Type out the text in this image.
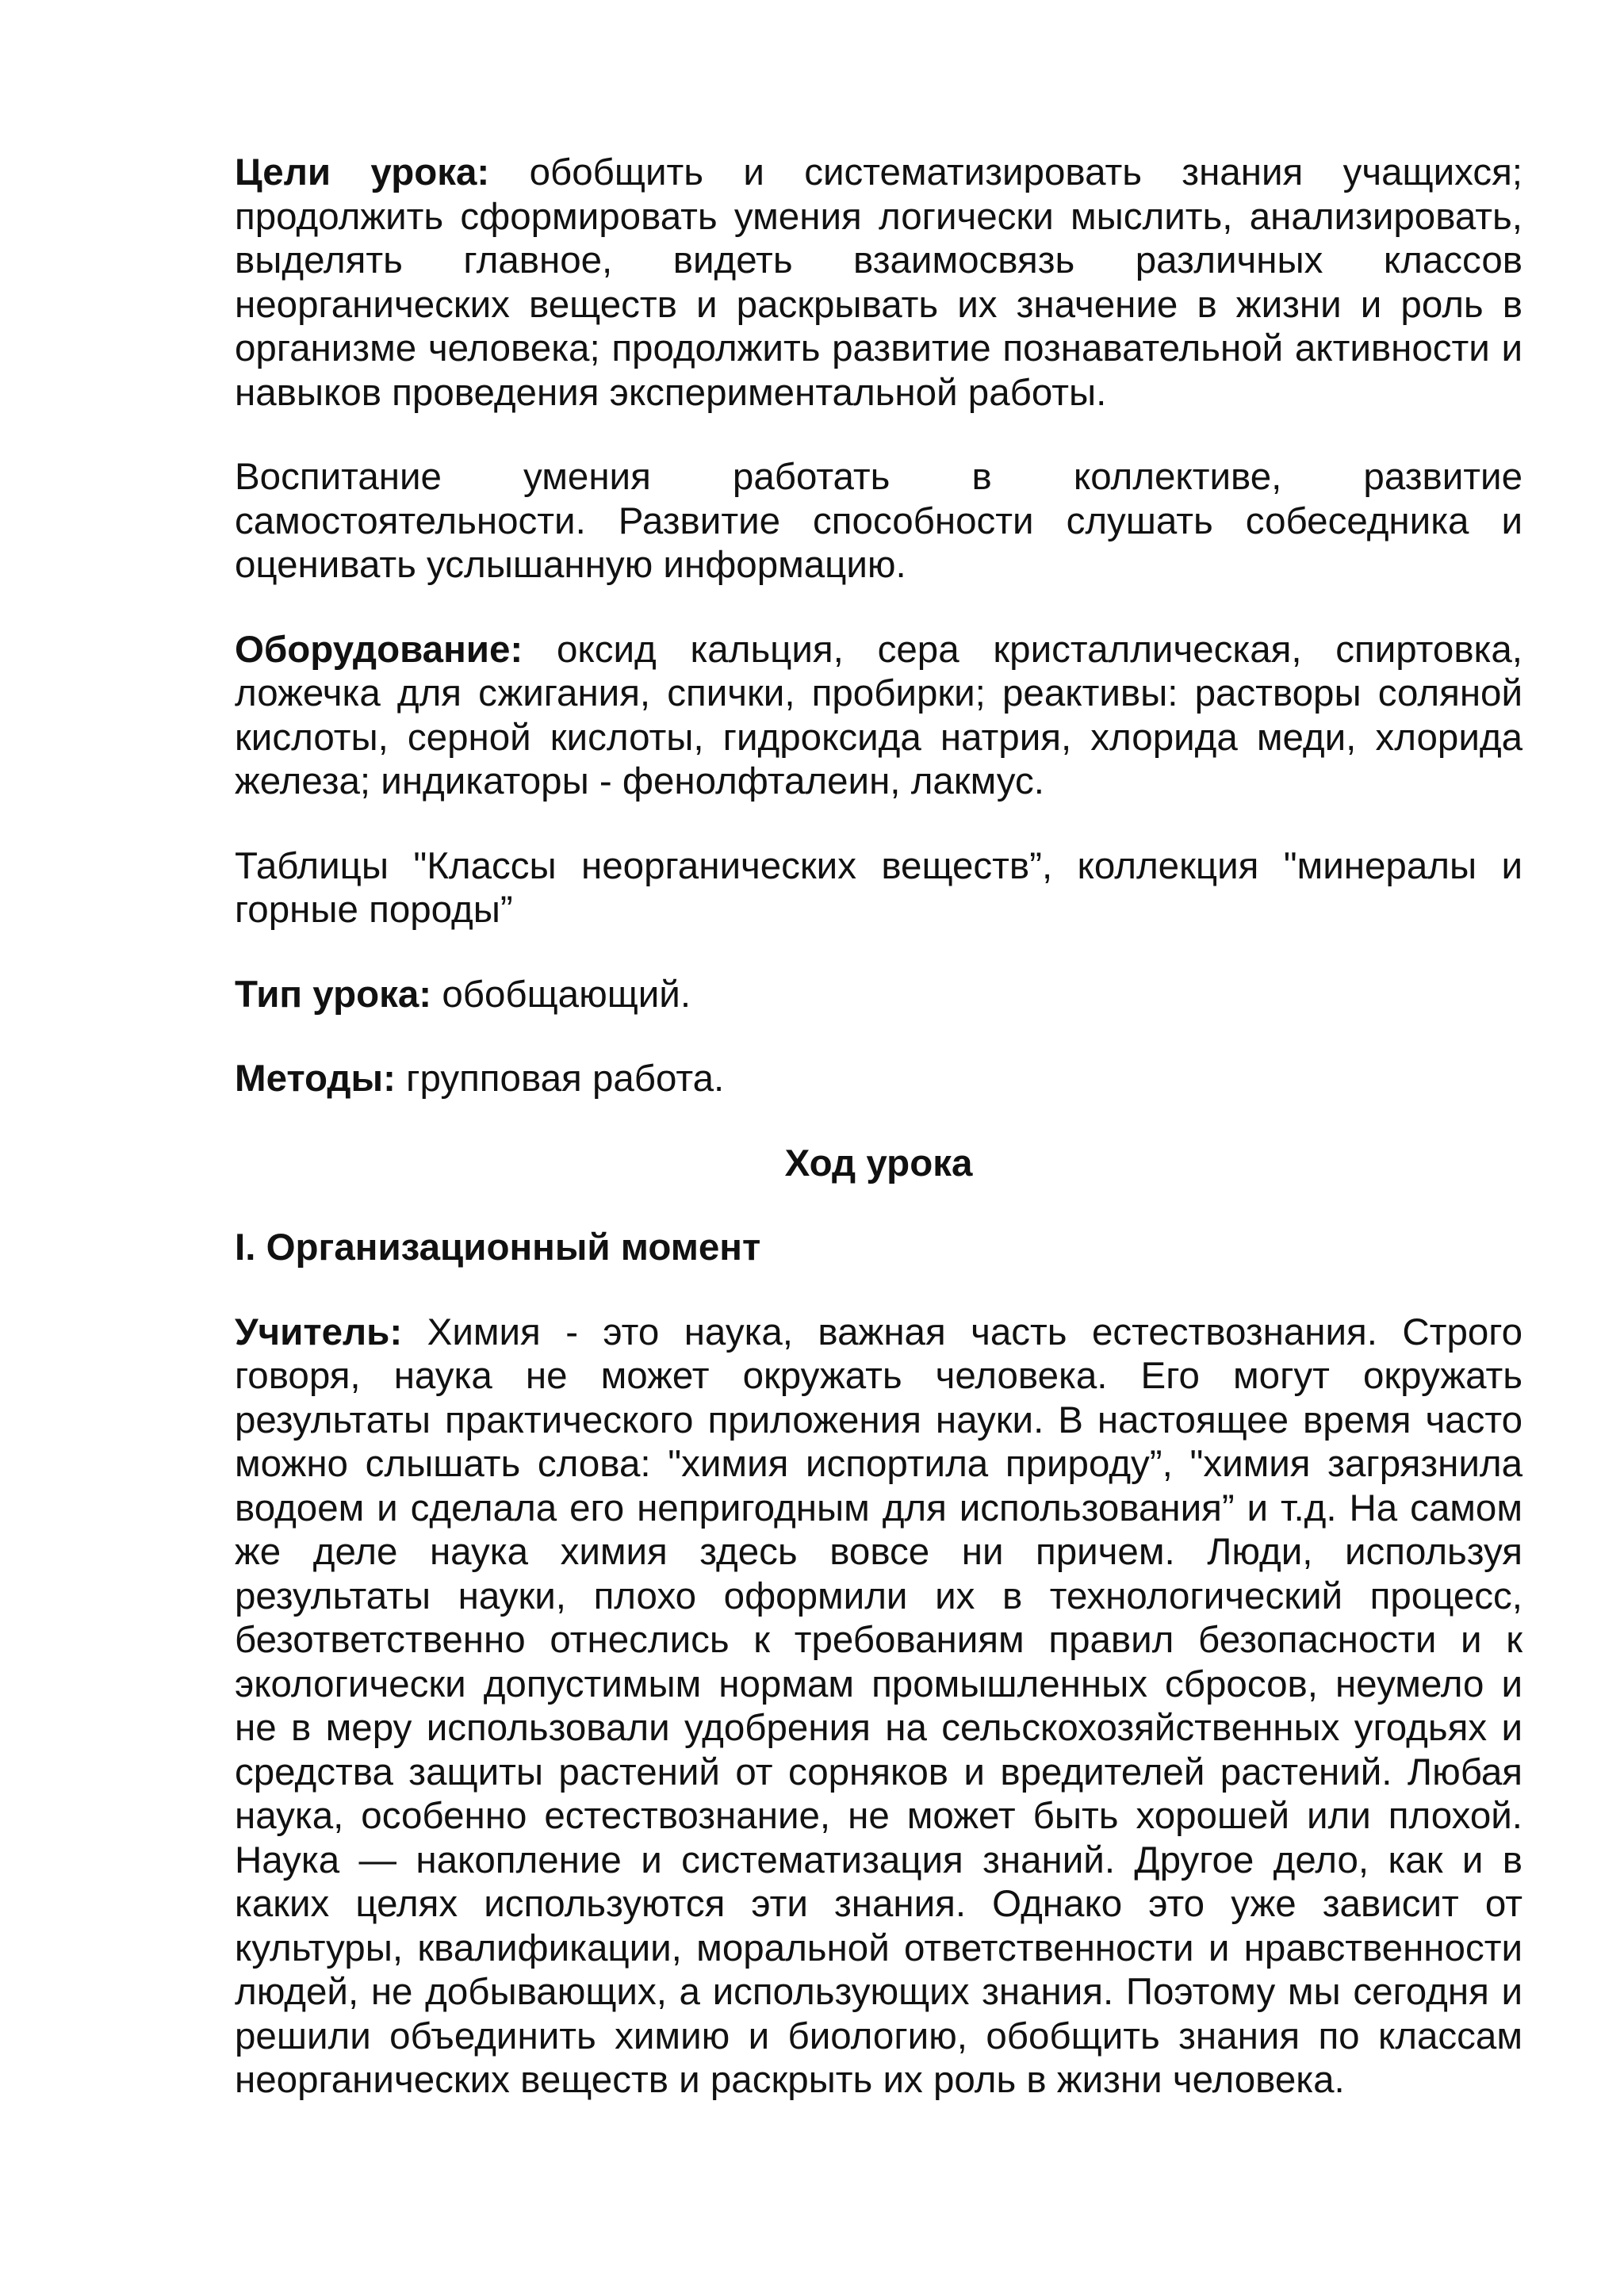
Цели урока: обобщить и систематизировать знания учащихся; продолжить сформировать умения логически мыслить, анализировать, выделять главное, видеть взаимосвязь различных классов неорганических веществ и раскрывать их значение в жизни и роль в организме человека; продолжить развитие познавательной активности и навыков проведения экспериментальной работы.

Воспитание умения работать в коллективе, развитие самостоятельности. Развитие способности слушать собеседника и оценивать услышанную информацию.

Оборудование: оксид кальция, сера кристаллическая, спиртовка, ложечка для сжигания, спички, пробирки; реактивы: растворы соляной кислоты, серной кислоты, гидроксида натрия, хлорида меди, хлорида железа; индикаторы - фенолфталеин, лакмус.

Таблицы "Классы неорганических веществ”, коллекция "минералы и горные породы”

Тип урока: обобщающий.

Методы: групповая работа.

Ход урока
I. Организационный момент

Учитель: Химия - это наука, важная часть естествознания. Строго говоря, наука не может окружать человека. Его могут окружать результаты практического приложения науки. В настоящее время часто можно слышать слова: "химия испортила природу”, "химия загрязнила водоем и сделала его непригодным для использования” и т.д. На самом же деле наука химия здесь вовсе ни причем. Люди, используя результаты науки, плохо оформили их в технологический процесс, безответственно отнеслись к требованиям правил безопасности и к экологически допустимым нормам промышленных сбросов, неумело и не в меру использовали удобрения на сельскохозяйственных угодьях и средства защиты растений от сорняков и вредителей растений. Любая наука, особенно естествознание, не может быть хорошей или плохой. Наука — накопление и систематизация знаний. Другое дело, как и в каких целях используются эти знания. Однако это уже зависит от культуры, квалификации, моральной ответственности и нравственности людей, не добывающих, а использующих знания. Поэтому мы сегодня и решили объединить химию и биологию, обобщить знания по классам неорганических веществ и раскрыть их роль в жизни человека.
